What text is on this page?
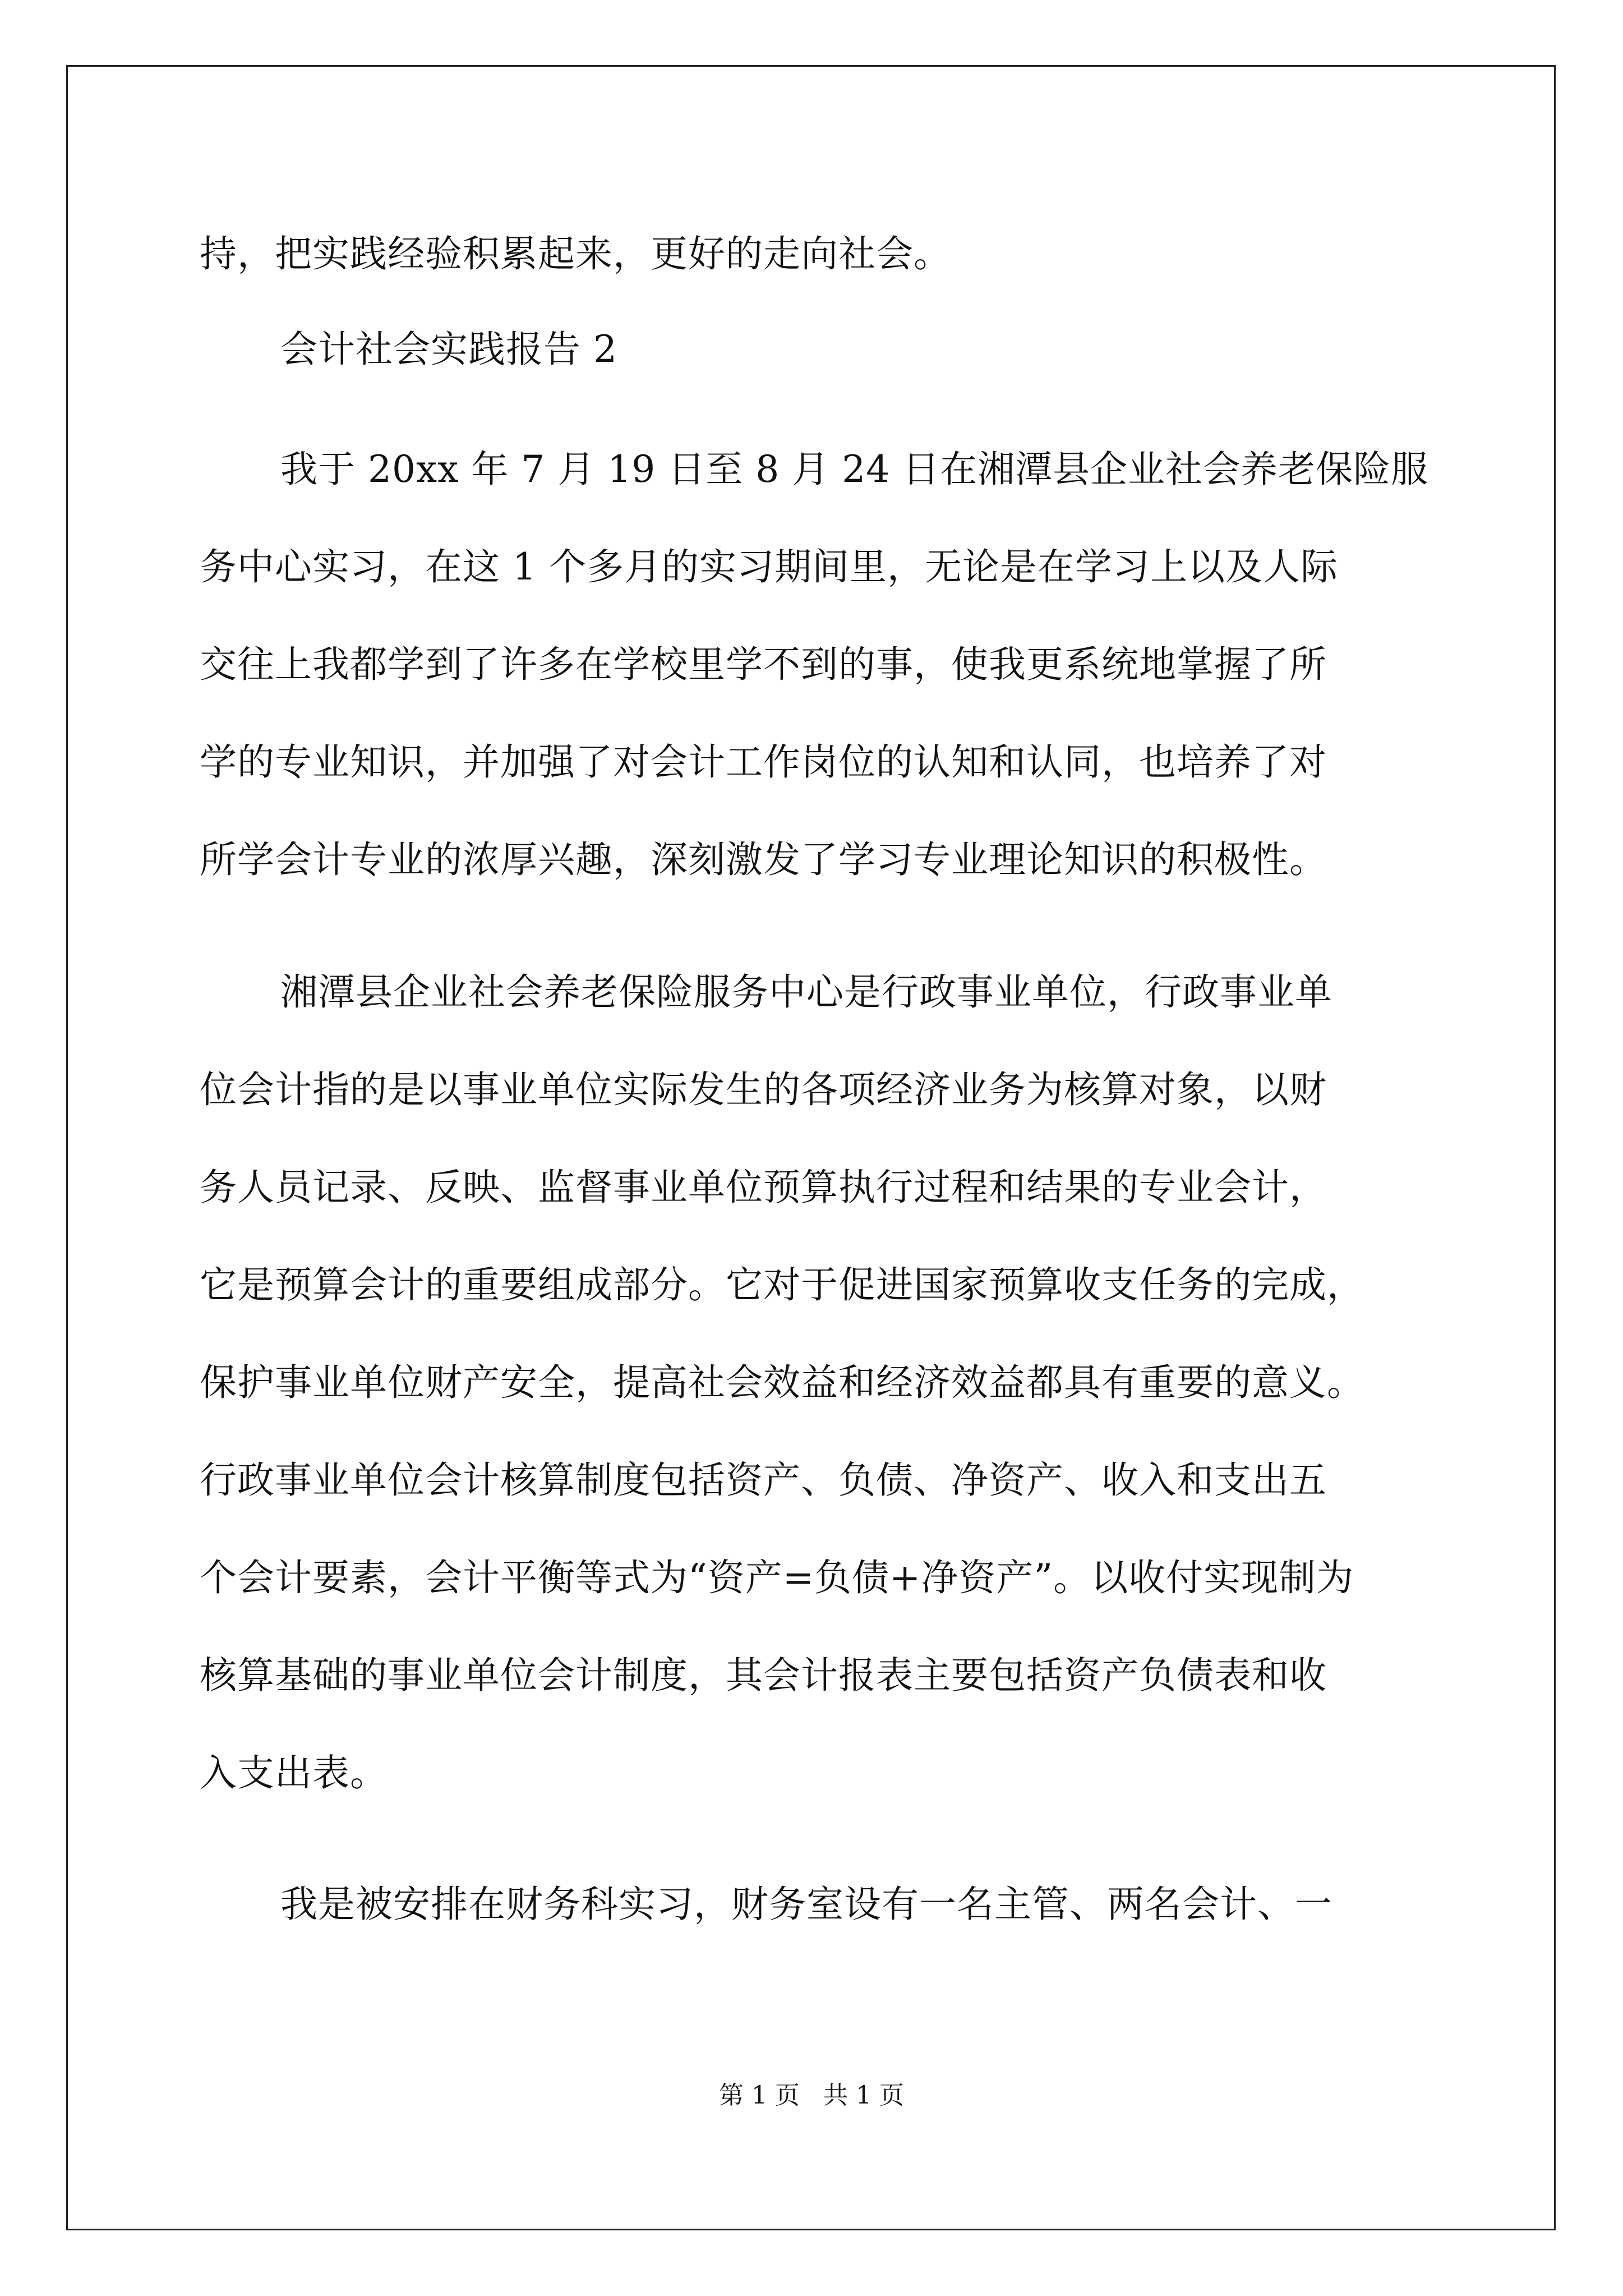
持，把实践经验积累起来，更好的走向社会。
会计社会实践报告 2
我于 20xx 年 7 月 19 日至 8 月 24 日在湘潭县企业社会养老保险服
务中心实习，在这 1 个多月的实习期间里，无论是在学习上以及人际
交往上我都学到了许多在学校里学不到的事，使我更系统地掌握了所
学的专业知识，并加强了对会计工作岗位的认知和认同，也培养了对
所学会计专业的浓厚兴趣，深刻激发了学习专业理论知识的积极性。
湘潭县企业社会养老保险服务中心是行政事业单位，行政事业单
位会计指的是以事业单位实际发生的各项经济业务为核算对象，以财
务人员记录、反映、监督事业单位预算执行过程和结果的专业会计，
它是预算会计的重要组成部分。它对于促进国家预算收支任务的完成，
保护事业单位财产安全，提高社会效益和经济效益都具有重要的意义。
行政事业单位会计核算制度包括资产、负债、净资产、收入和支出五
个会计要素，会计平衡等式为“资产=负债+净资产”。以收付实现制为
核算基础的事业单位会计制度，其会计报表主要包括资产负债表和收
入支出表。
我是被安排在财务科实习，财务室设有一名主管、两名会计、一
第 1 页   共 1 页
